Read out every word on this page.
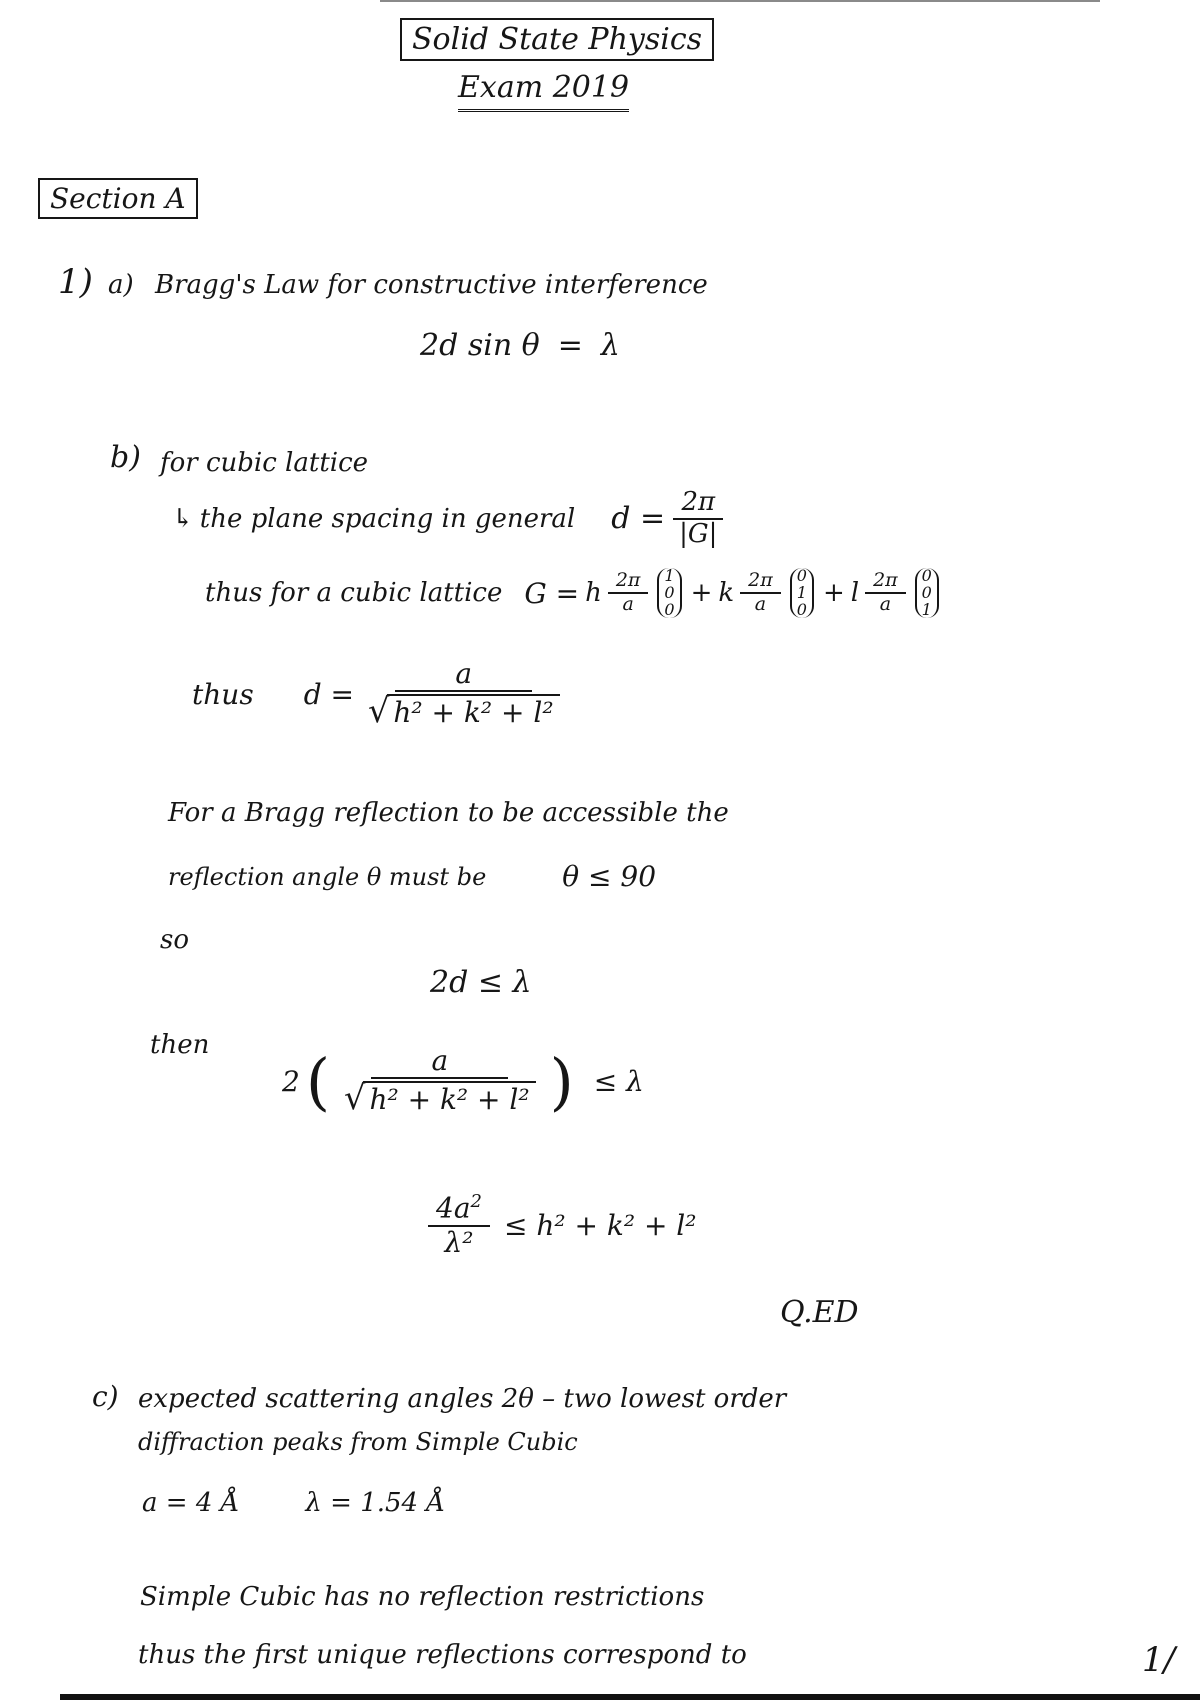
Solid State Physics
Exam 2019
Section A
1) a) Bragg's Law for constructive interference
2d sin θ = λ
b) for cubic lattice
↳ the plane spacing in general $d = \frac{2\pi}{|G|}$
thus for a cubic lattice G = h $\frac{2\pi}{a} 1$
0
0
+ k $\frac{2\pi}{a} 0$
1
0
+ l $\frac{2\pi}{a} 0$
0
1
thus $d = \frac{a}{\text{√ h² + k² + l²}}$
For a Bragg reflection to be accessible the
reflection angle θ must be	θ ≤ 90
so
2d ≤ λ
then
2 ( $\frac{a}{\text{√ h² + k² + l²}}$ ) ≤ λ
$\frac{4a^2}{\text{λ²}} \le h^2 + k^2 + l^2$
Q.ED
c) expected scattering angles 2θ – two lowest order
diffraction peaks from Simple Cubic
a = 4 Å	λ = 1.54 Å
Simple Cubic has no reflection restrictions
thus the first unique reflections correspond to	1/
